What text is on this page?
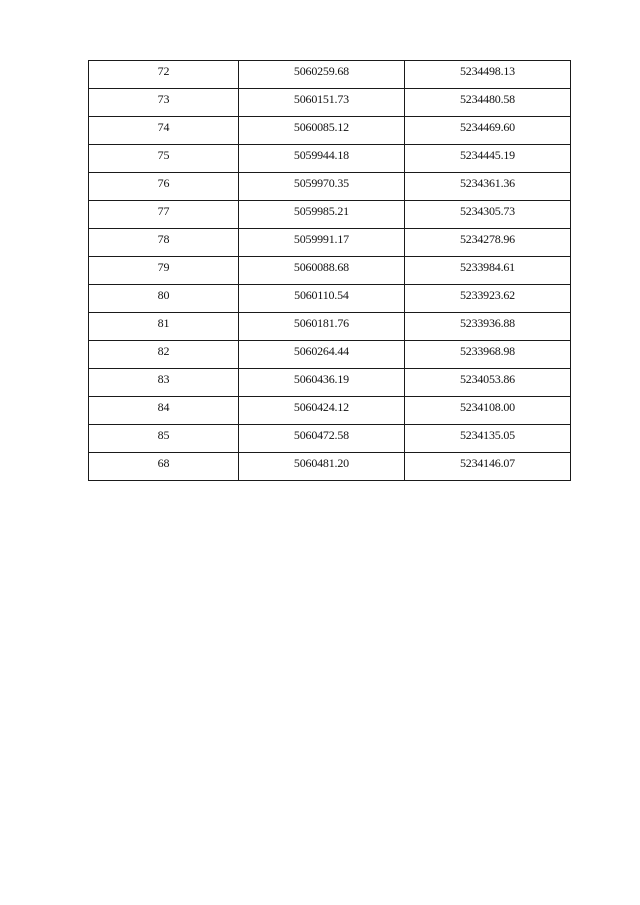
72	5060259.68	5234498.13
73	5060151.73	5234480.58
74	5060085.12	5234469.60
75	5059944.18	5234445.19
76	5059970.35	5234361.36
77	5059985.21	5234305.73
78	5059991.17	5234278.96
79	5060088.68	5233984.61
80	5060110.54	5233923.62
81	5060181.76	5233936.88
82	5060264.44	5233968.98
83	5060436.19	5234053.86
84	5060424.12	5234108.00
85	5060472.58	5234135.05
68	5060481.20	5234146.07
